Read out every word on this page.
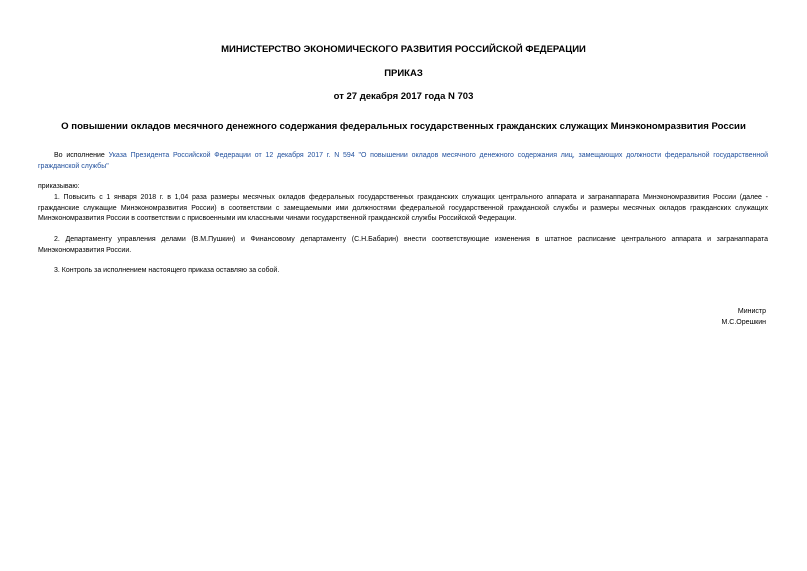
МИНИСТЕРСТВО ЭКОНОМИЧЕСКОГО РАЗВИТИЯ РОССИЙСКОЙ ФЕДЕРАЦИИ
ПРИКАЗ
от 27 декабря 2017 года N 703
О повышении окладов месячного денежного содержания федеральных государственных гражданских служащих Минэкономразвития России

Во исполнение Указа Президента Российской Федерации от 12 декабря 2017 г. N 594 "О повышении окладов месячного денежного содержания лиц, замещающих должности федеральной государственной гражданской службы"

приказываю:

1. Повысить с 1 января 2018 г. в 1,04 раза размеры месячных окладов федеральных государственных гражданских служащих центрального аппарата и загранаппарата Минэкономразвития России (далее - гражданские служащие Минэкономразвития России) в соответствии с замещаемыми ими должностями федеральной государственной гражданской службы и размеры месячных окладов гражданских служащих Минэкономразвития России в соответствии с присвоенными им классными чинами государственной гражданской службы Российской Федерации.

2. Департаменту управления делами (В.М.Пушкин) и Финансовому департаменту (С.Н.Бабарин) внести соответствующие изменения в штатное расписание центрального аппарата и загранаппарата Минэкономразвития России.

3. Контроль за исполнением настоящего приказа оставляю за собой.

Министр
М.С.Орешкин
